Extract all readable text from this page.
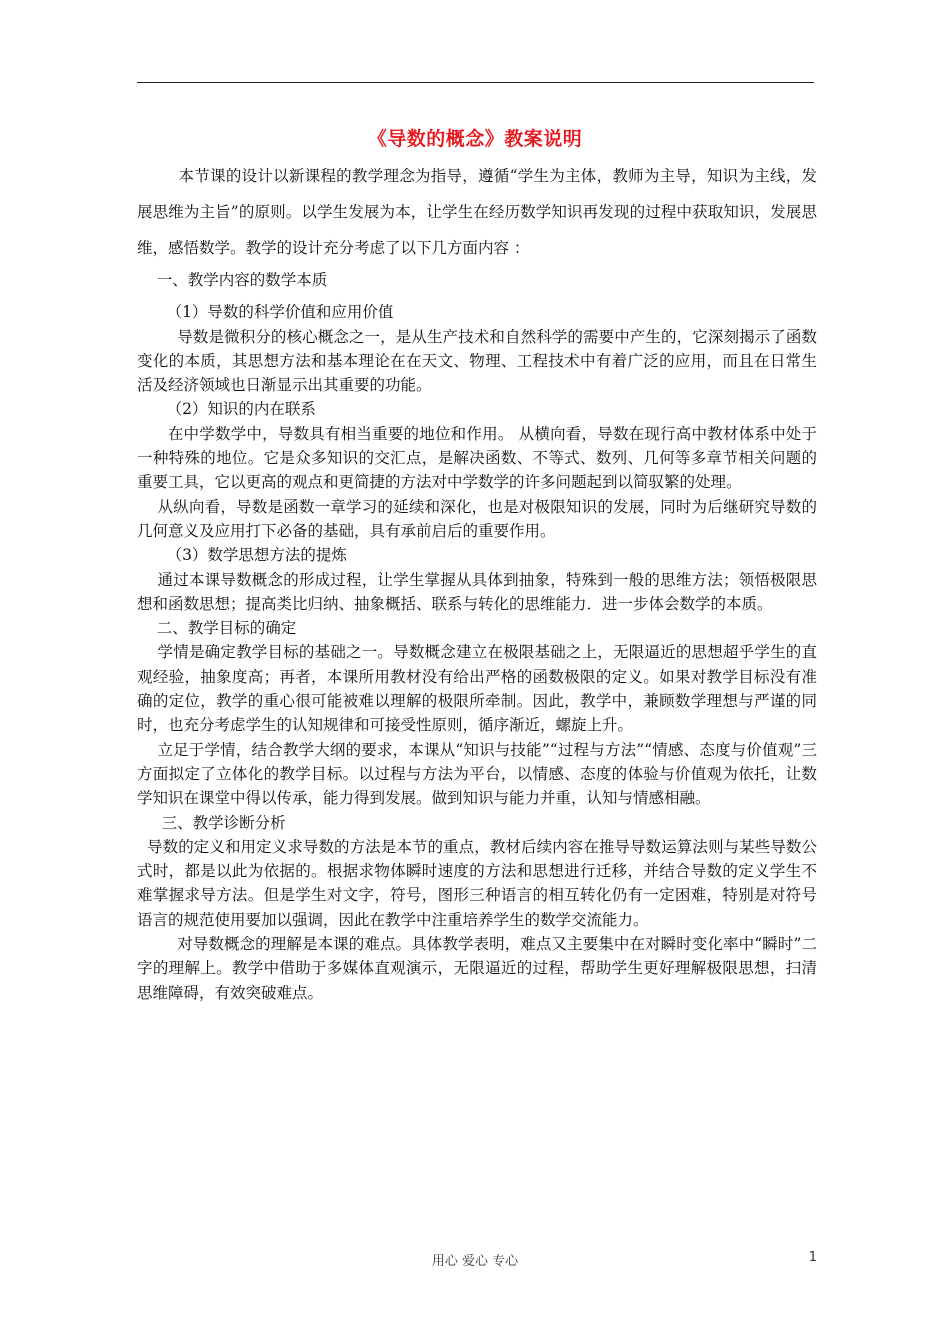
《导数的概念》教案说明

本节课的设计以新课程的教学理念为指导，遵循“学生为主体，教师为主导，知识为主线，发展思维为主旨”的原则。以学生发展为本，让学生在经历数学知识再发现的过程中获取知识，发展思维，感悟数学。教学的设计充分考虑了以下几方面内容 ：

一、教学内容的数学本质

（1）导数的科学价值和应用价值

导数是微积分的核心概念之一，是从生产技术和自然科学的需要中产生的，它深刻揭示了函数变化的本质，其思想方法和基本理论在在天文、物理、工程技术中有着广泛的应用，而且在日常生活及经济领域也日渐显示出其重要的功能。

（2）知识的内在联系

在中学数学中，导数具有相当重要的地位和作用。 从横向看，导数在现行高中教材体系中处于一种特殊的地位。它是众多知识的交汇点，是解决函数、不等式、数列、几何等多章节相关问题的重要工具，它以更高的观点和更简捷的方法对中学数学的许多问题起到以简驭繁的处理。

从纵向看，导数是函数一章学习的延续和深化，也是对极限知识的发展，同时为后继研究导数的几何意义及应用打下必备的基础，具有承前启后的重要作用。

（3）数学思想方法的提炼

通过本课导数概念的形成过程，让学生掌握从具体到抽象，特殊到一般的思维方法；领悟极限思想和函数思想；提高类比归纳、抽象概括、联系与转化的思维能力．进一步体会数学的本质。

二、教学目标的确定

学情是确定教学目标的基础之一。导数概念建立在极限基础之上，无限逼近的思想超乎学生的直观经验，抽象度高；再者，本课所用教材没有给出严格的函数极限的定义。如果对教学目标没有准确的定位，教学的重心很可能被难以理解的极限所牵制。因此，教学中，兼顾数学理想与严谨的同时，也充分考虑学生的认知规律和可接受性原则，循序渐近，螺旋上升。

立足于学情，结合教学大纲的要求，本课从“知识与技能”“过程与方法”“情感、态度与价值观”三方面拟定了立体化的教学目标。以过程与方法为平台，以情感、态度的体验与价值观为依托，让数学知识在课堂中得以传承，能力得到发展。做到知识与能力并重，认知与情感相融。

三、教学诊断分析

导数的定义和用定义求导数的方法是本节的重点，教材后续内容在推导导数运算法则与某些导数公式时，都是以此为依据的。根据求物体瞬时速度的方法和思想进行迁移，并结合导数的定义学生不难掌握求导方法。但是学生对文字，符号，图形三种语言的相互转化仍有一定困难，特别是对符号语言的规范使用要加以强调，因此在教学中注重培养学生的数学交流能力。

对导数概念的理解是本课的难点。具体教学表明，难点又主要集中在对瞬时变化率中“瞬时”二字的理解上。教学中借助于多媒体直观演示，无限逼近的过程，帮助学生更好理解极限思想，扫清思维障碍，有效突破难点。

用心 爱心 专心	1
